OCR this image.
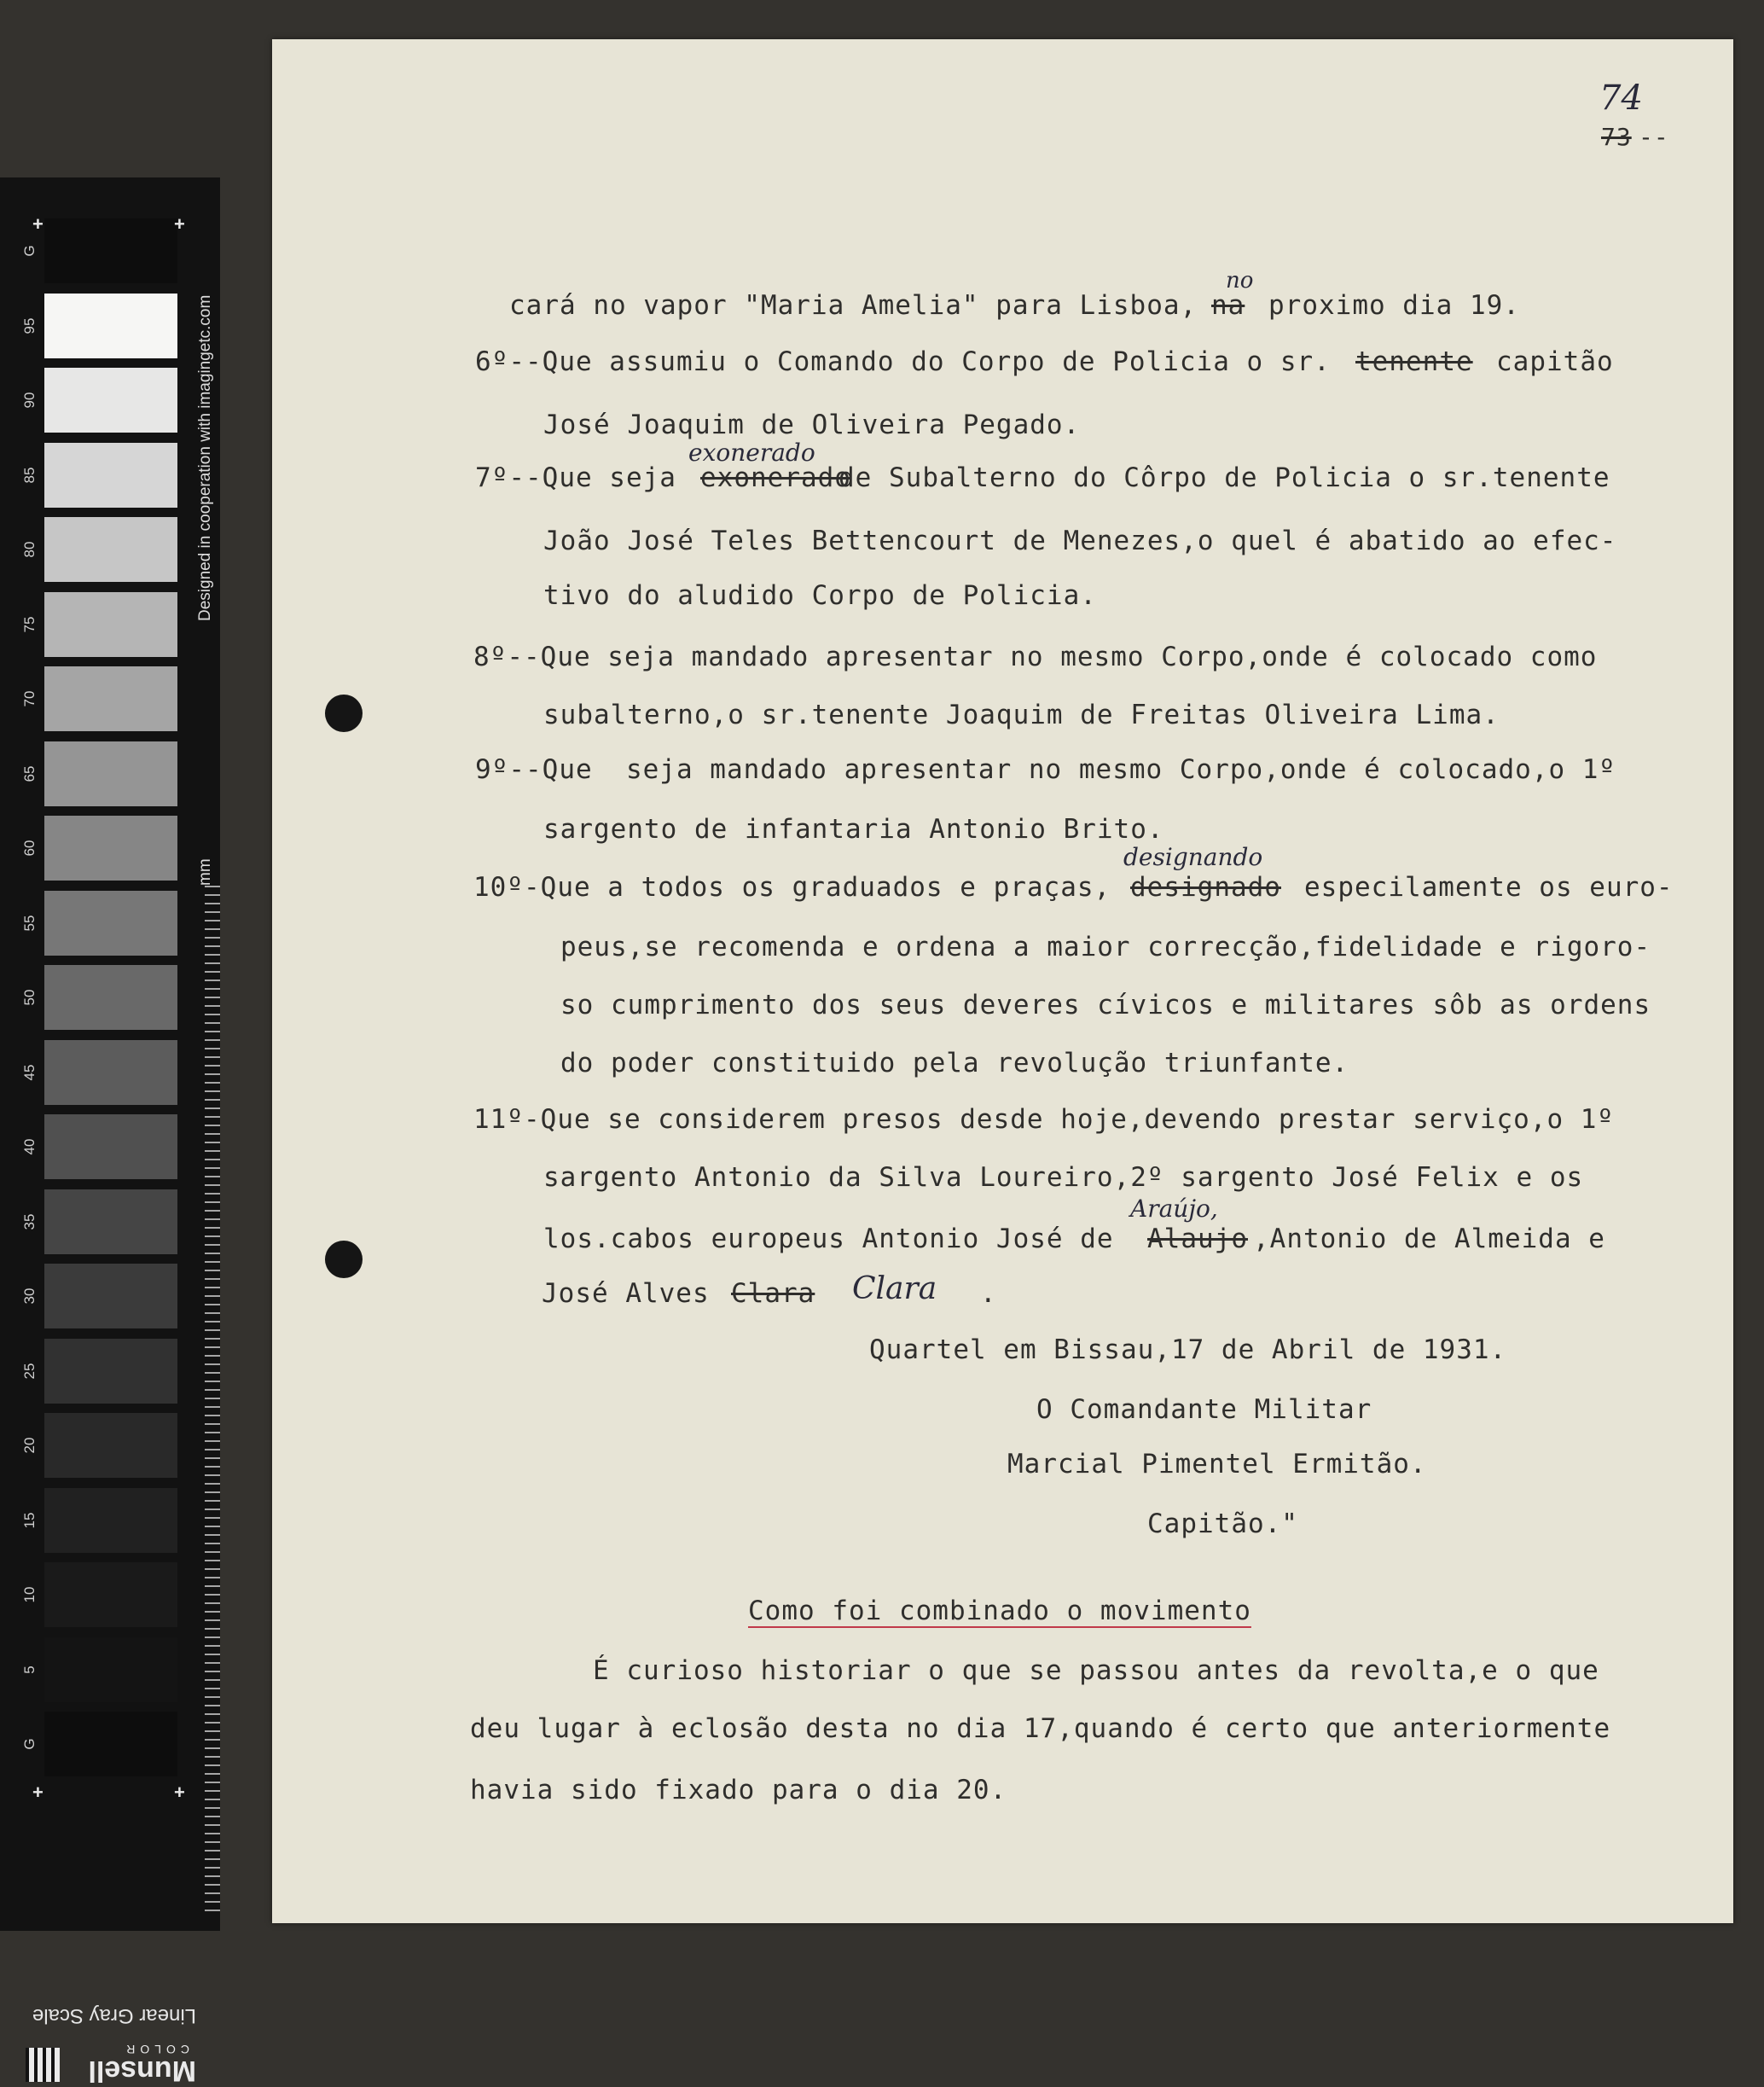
G
95
90
85
80
75
70
65
60
55
50
45
40
35
30
25
20
15
10
5
G
+	+
+	+
Designed in cooperation with imagingetc.com
mm
Linear Gray Scale
Munsell
COLOR
74
73 --
cará no vapor "Maria Amelia" para Lisboa, na
no
proximo dia 19.
6º--Que assumiu o Comando do Corpo de Policia o sr. tenente capitão
José Joaquim de Oliveira Pegado.
7º--Que seja exonerado
exonerado
de Subalterno do Côrpo de Policia o sr.tenente
João José Teles Bettencourt de Menezes,o quel é abatido ao efec-
tivo do aludido Corpo de Policia.
8º--Que seja mandado apresentar no mesmo Corpo,onde é colocado como
subalterno,o sr.tenente Joaquim de Freitas Oliveira Lima.
9º--Que  seja mandado apresentar no mesmo Corpo,onde é colocado,o 1º
sargento de infantaria Antonio Brito.
10º-Que a todos os graduados e praças, designado
designando
especilamente os euro-
peus,se recomenda e ordena a maior correcção,fidelidade e rigoro-
so cumprimento dos seus deveres cívicos e militares sôb as ordens
do poder constituido pela revolução triunfante.
11º-Que se considerem presos desde hoje,devendo prestar serviço,o 1º
sargento Antonio da Silva Loureiro,2º sargento José Felix e os
los.cabos europeus Antonio José de Alaujo
Araújo,
,Antonio de Almeida e
José Alves Clara Clara .
Quartel em Bissau,17 de Abril de 1931.
O Comandante Militar
Marcial Pimentel Ermitão.
Capitão."
Como foi combinado o movimento
É curioso historiar o que se passou antes da revolta,e o que
deu lugar à eclosão desta no dia 17,quando é certo que anteriormente
havia sido fixado para o dia 20.
